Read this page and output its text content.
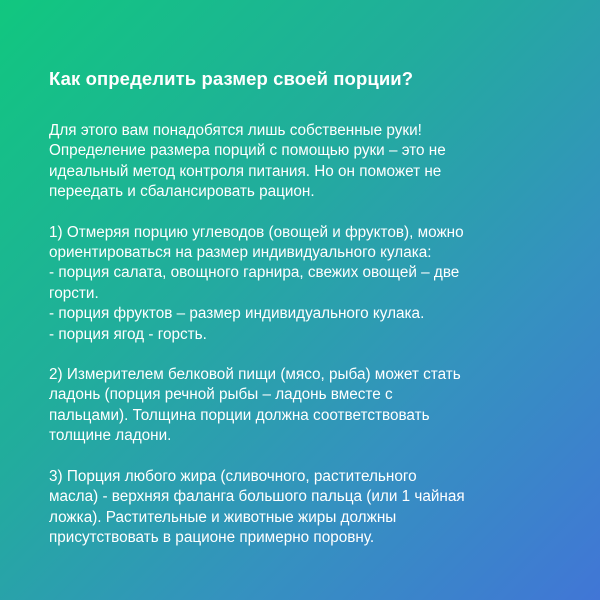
Как определить размер своей порции?
Для этого вам понадобятся лишь собственные руки!
Определение размера порций с помощью руки – это не
идеальный метод контроля питания. Но он поможет не
переедать и сбалансировать рацион.
1) Отмеряя порцию углеводов (овощей и фруктов), можно
ориентироваться на размер индивидуального кулака:
- порция салата, овощного гарнира, свежих овощей – две
горсти.
- порция фруктов – размер индивидуального кулака.
- порция ягод - горсть.
2) Измерителем белковой пищи (мясо, рыба) может стать
ладонь (порция речной рыбы – ладонь вместе с
пальцами). Толщина порции должна соответствовать
толщине ладони.
3) Порция любого жира (сливочного, растительного
масла) - верхняя фаланга большого пальца (или 1 чайная
ложка). Растительные и животные жиры должны
присутствовать в рационе примерно поровну.
